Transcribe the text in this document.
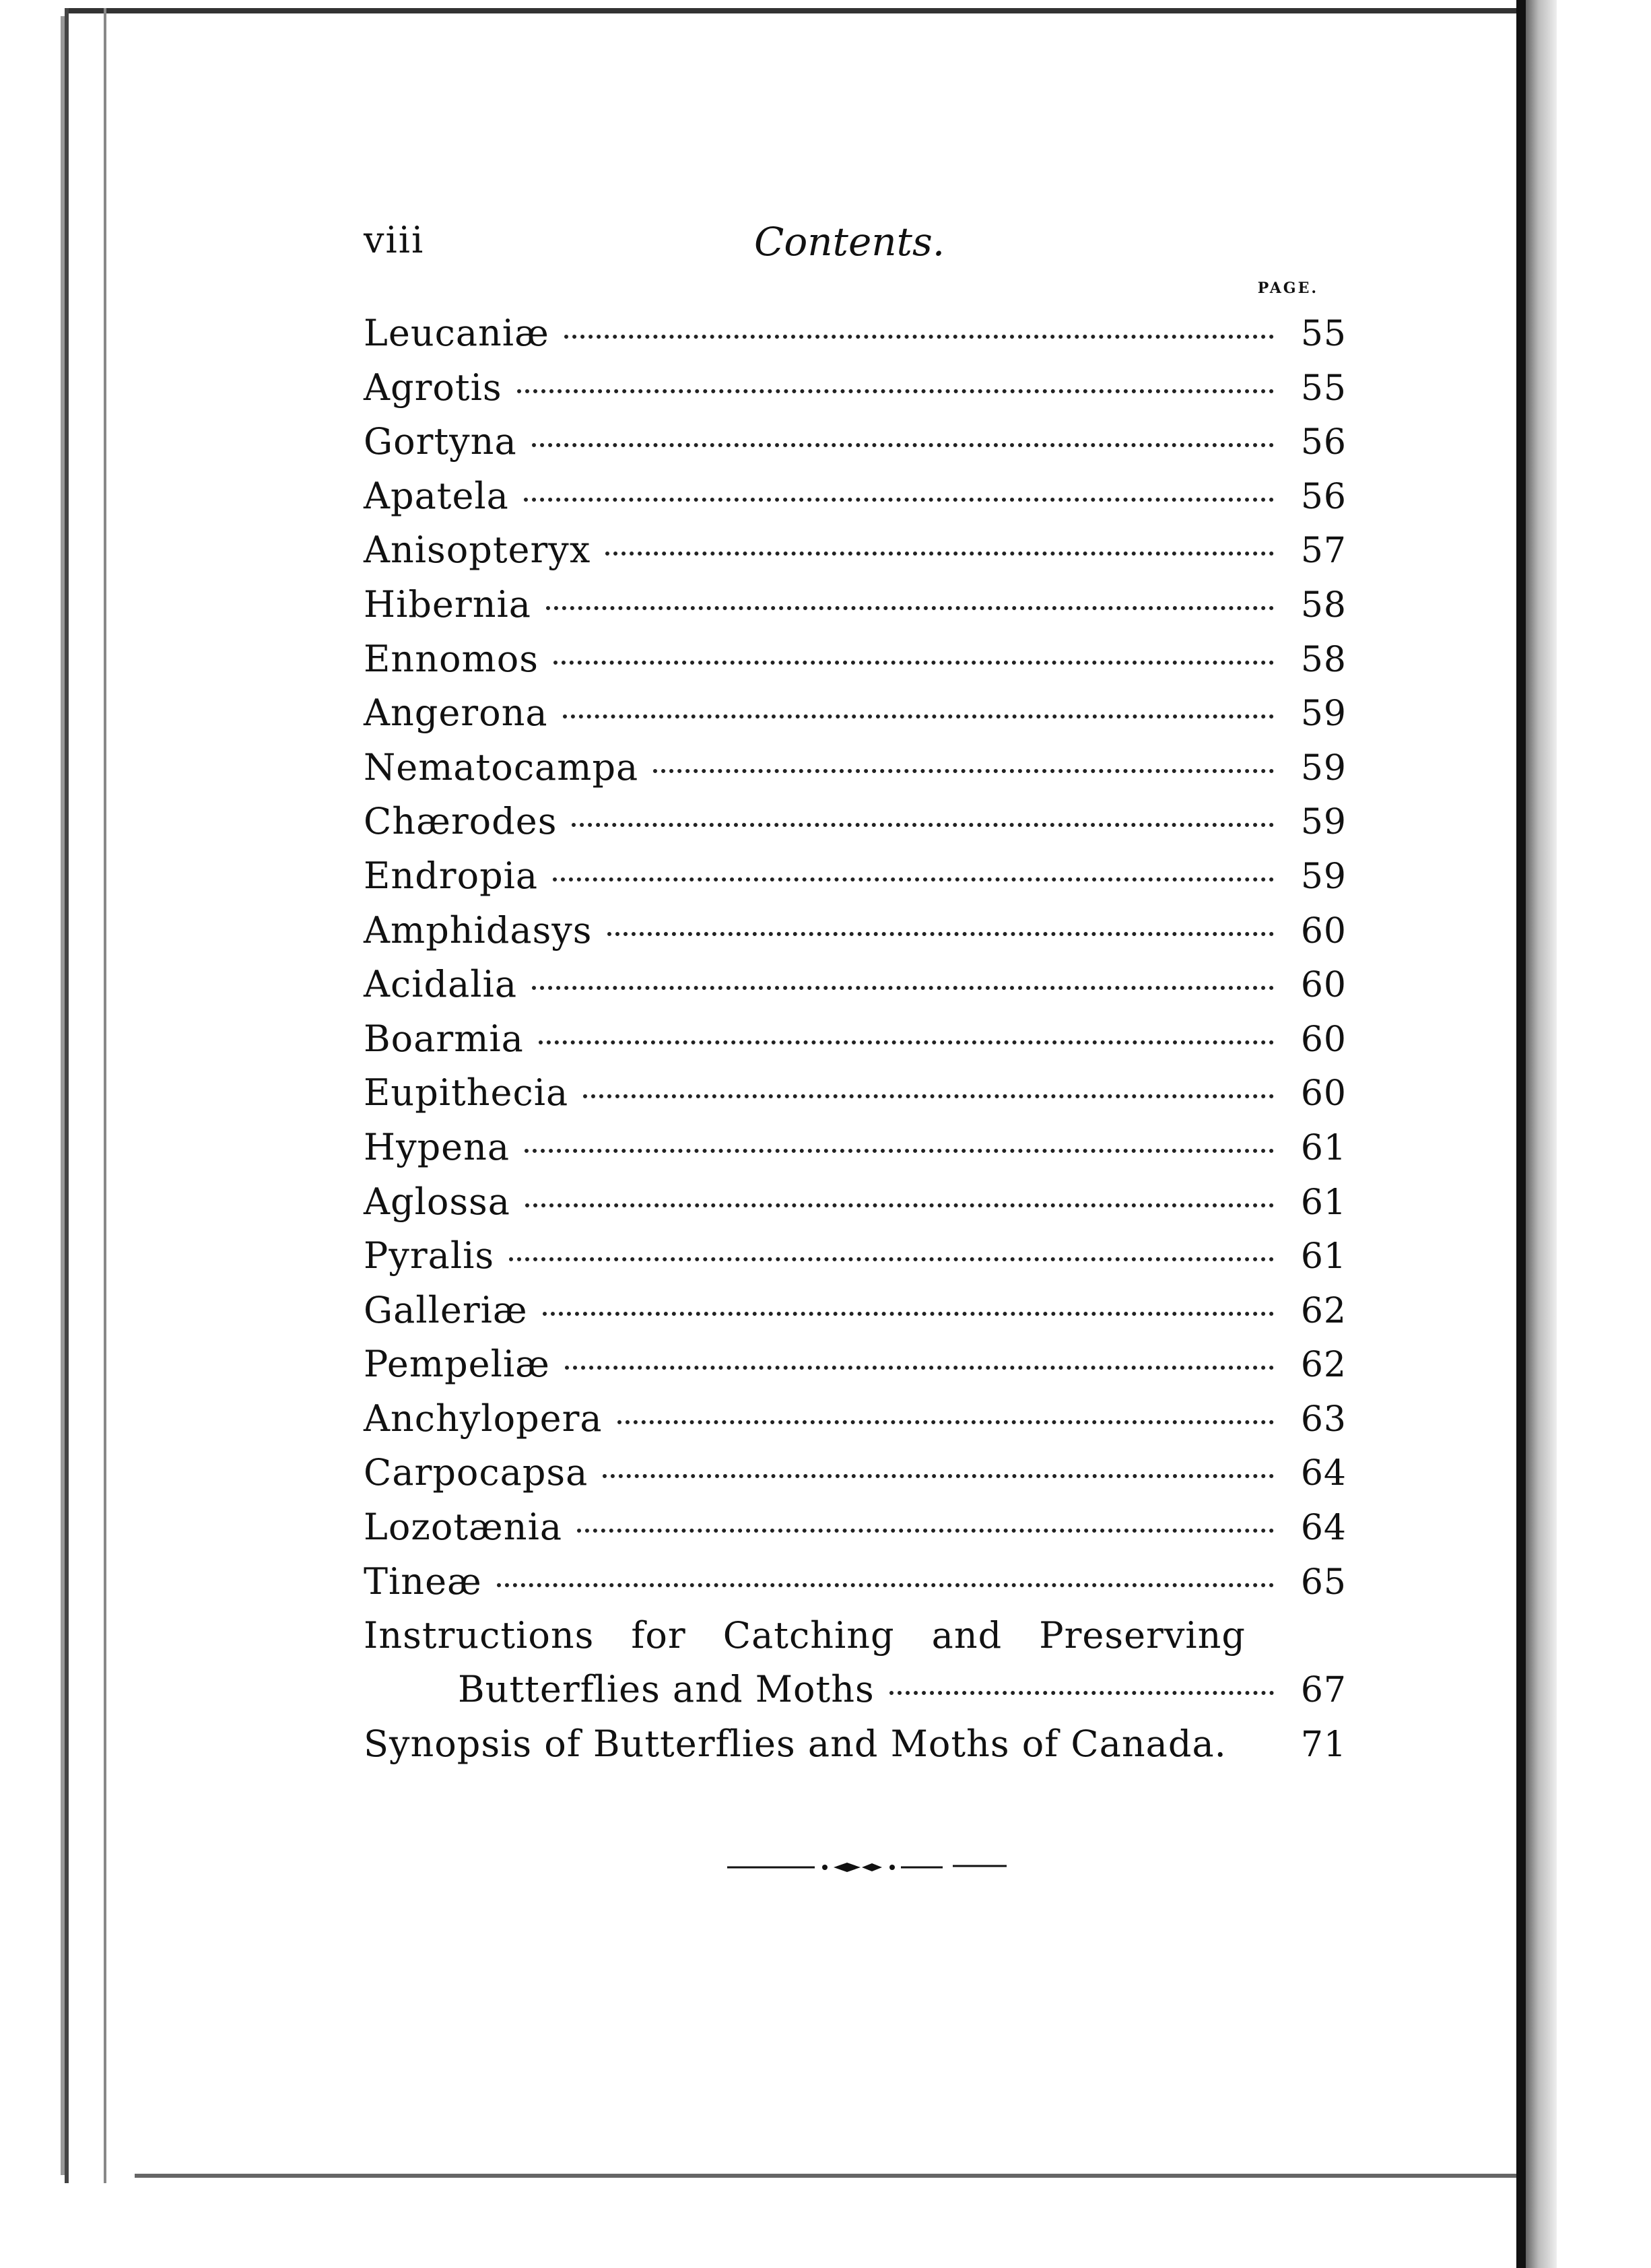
viii	Contents.
PAGE.
Leucaniæ	55
Agrotis	55
Gortyna	56
Apatela	56
Anisopteryx	57
Hibernia	58
Ennomos	58
Angerona	59
Nematocampa	59
Chærodes	59
Endropia	59
Amphidasys	60
Acidalia	60
Boarmia	60
Eupithecia	60
Hypena	61
Aglossa	61
Pyralis	61
Galleriæ	62
Pempeliæ	62
Anchylopera	63
Carpocapsa	64
Lozotænia	64
Tineæ	65
Instructions for Catching and Preserving
Butterflies and Moths	67
Synopsis of Butterflies and Moths of Canada.	71
